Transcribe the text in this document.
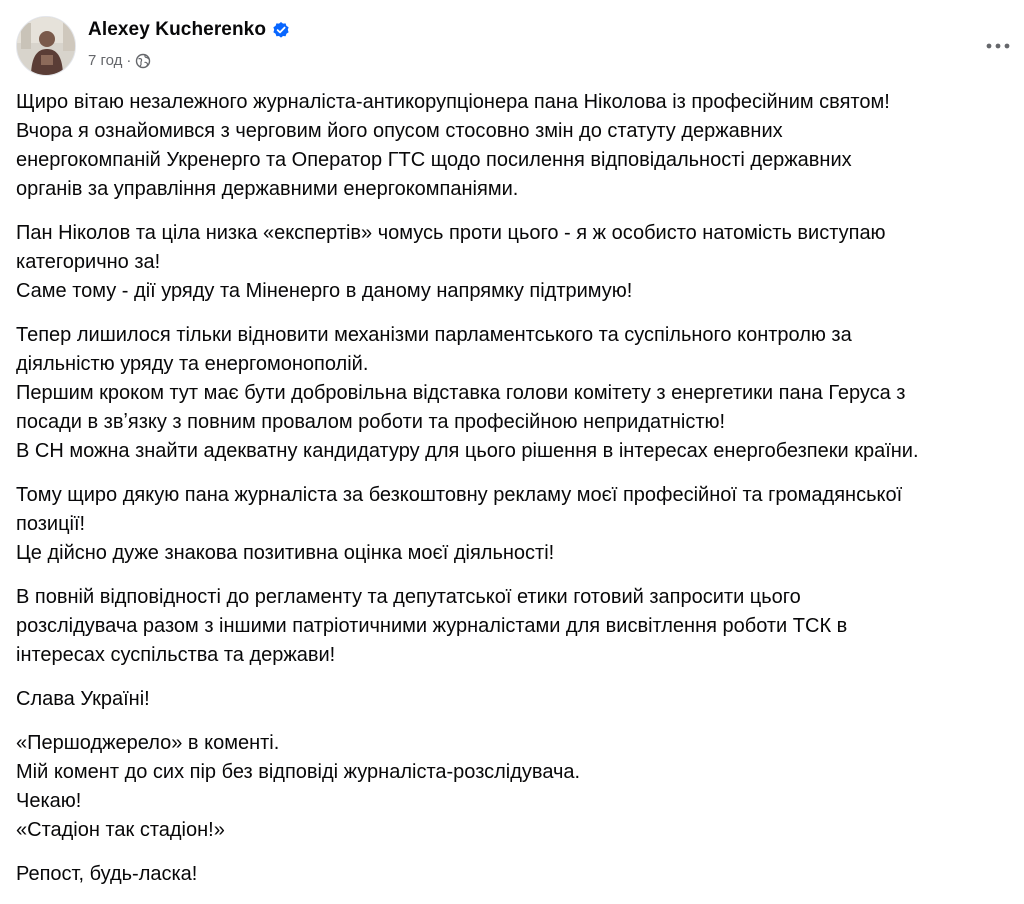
Alexey Kucherenko
7 год ·

Щиро вітаю незалежного журналіста-антикорупціонера пана Ніколова із професійним святом!
Вчора я ознайомився з черговим його опусом стосовно змін до статуту державних
енергокомпаній Укренерго та Оператор ГТС щодо посилення відповідальності державних
органів за управління державними енергокомпаніями.

Пан Ніколов та ціла низка «експертів» чомусь проти цього - я ж особисто натомість виступаю
категорично за!
Саме тому - дії уряду та Міненерго в даному напрямку підтримую!

Тепер лишилося тільки відновити механізми парламентського та суспільного контролю за
діяльністю уряду та енергомонополій.
Першим кроком тут має бути добровільна відставка голови комітету з енергетики пана Геруса з
посади в звʼязку з повним провалом роботи та професійною непридатністю!
В СН можна знайти адекватну кандидатуру для цього рішення в інтересах енергобезпеки країни.

Тому щиро дякую пана журналіста за безкоштовну рекламу моєї професійної та громадянської
позиції!
Це дійсно дуже знакова позитивна оцінка моєї діяльності!

В повній відповідності до регламенту та депутатської етики готовий запросити цього
розслідувача разом з іншими патріотичними журналістами для висвітлення роботи ТСК в
інтересах суспільства та держави!

Слава Україні!

«Першоджерело» в коменті.
Мій комент до сих пір без відповіді журналіста-розслідувача.
Чекаю!
«Стадіон так стадіон!»

Репост, будь-ласка!
